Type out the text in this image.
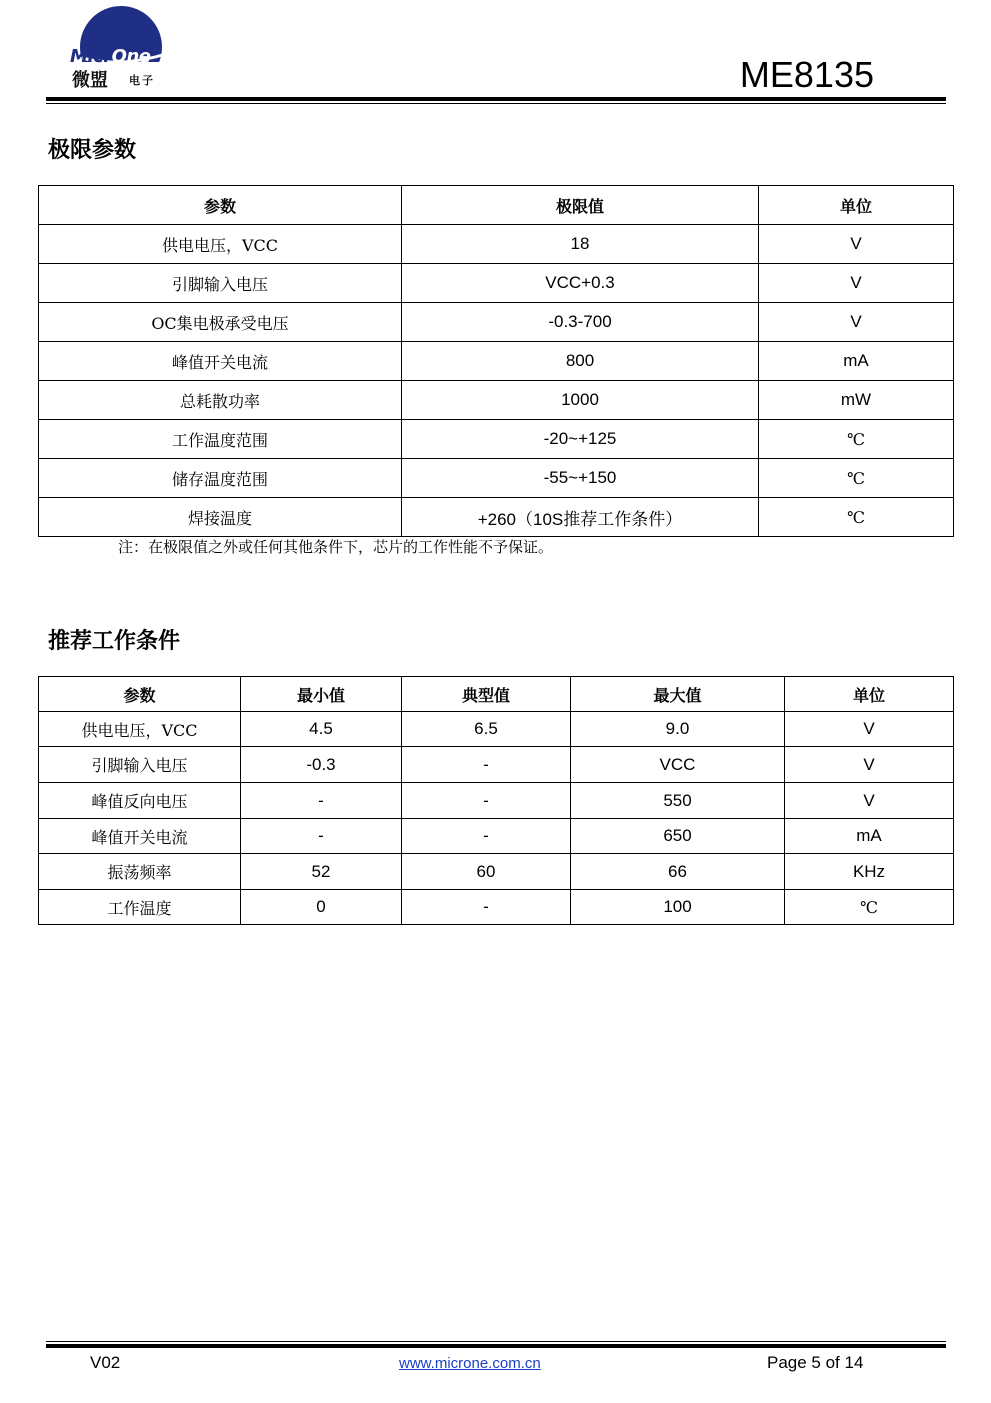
MicrOne
微盟 电子	ME8135
极限参数
参数	极限值	单位
供电电压，VCC	18	V
引脚输入电压	VCC+0.3	V
OC集电极承受电压	-0.3-700	V
峰值开关电流	800	mA
总耗散功率	1000	mW
工作温度范围	-20~+125	℃
储存温度范围	-55~+150	℃
焊接温度	+260（10S推荐工作条件）	℃
注：在极限值之外或任何其他条件下，芯片的工作性能不予保证。
推荐工作条件
参数	最小值	典型值	最大值	单位
供电电压，VCC	4.5	6.5	9.0	V
引脚输入电压	-0.3	-	VCC	V
峰值反向电压	-	-	550	V
峰值开关电流	-	-	650	mA
振荡频率	52	60	66	KHz
工作温度	0	-	100	℃
V02	www.microne.com.cn	Page 5 of 14
